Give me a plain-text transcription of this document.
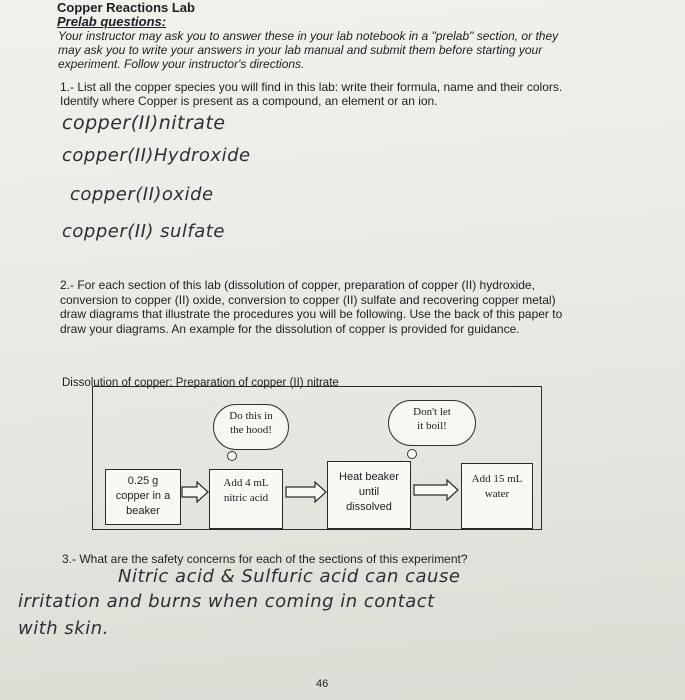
Copper Reactions Lab
Prelab questions:
Your instructor may ask you to answer these in your lab notebook in a "prelab" section, or they may ask you to write your answers in your lab manual and submit them before starting your experiment. Follow your instructor's directions.
1.- List all the copper species you will find in this lab: write their formula, name and their colors. Identify where Copper is present as a compound, an element or an ion.
copper(II)nitrate
copper(II)Hydroxide
copper(II)oxide
copper(II) sulfate
2.- For each section of this lab (dissolution of copper, preparation of copper (II) hydroxide, conversion to copper (II) oxide, conversion to copper (II) sulfate and recovering copper metal) draw diagrams that illustrate the procedures you will be following. Use the back of this paper to draw your diagrams. An example for the dissolution of copper is provided for guidance.
Dissolution of copper: Preparation of copper (II) nitrate
Do this in
the hood!
Don't let
it boil!
0.25 g
copper in a
beaker
Add 4 mL
nitric acid
Heat beaker
until
dissolved
Add 15 mL
water
3.- What are the safety concerns for each of the sections of this experiment?
Nitric acid & Sulfuric acid can cause
irritation and burns when coming in contact
with skin.
46
